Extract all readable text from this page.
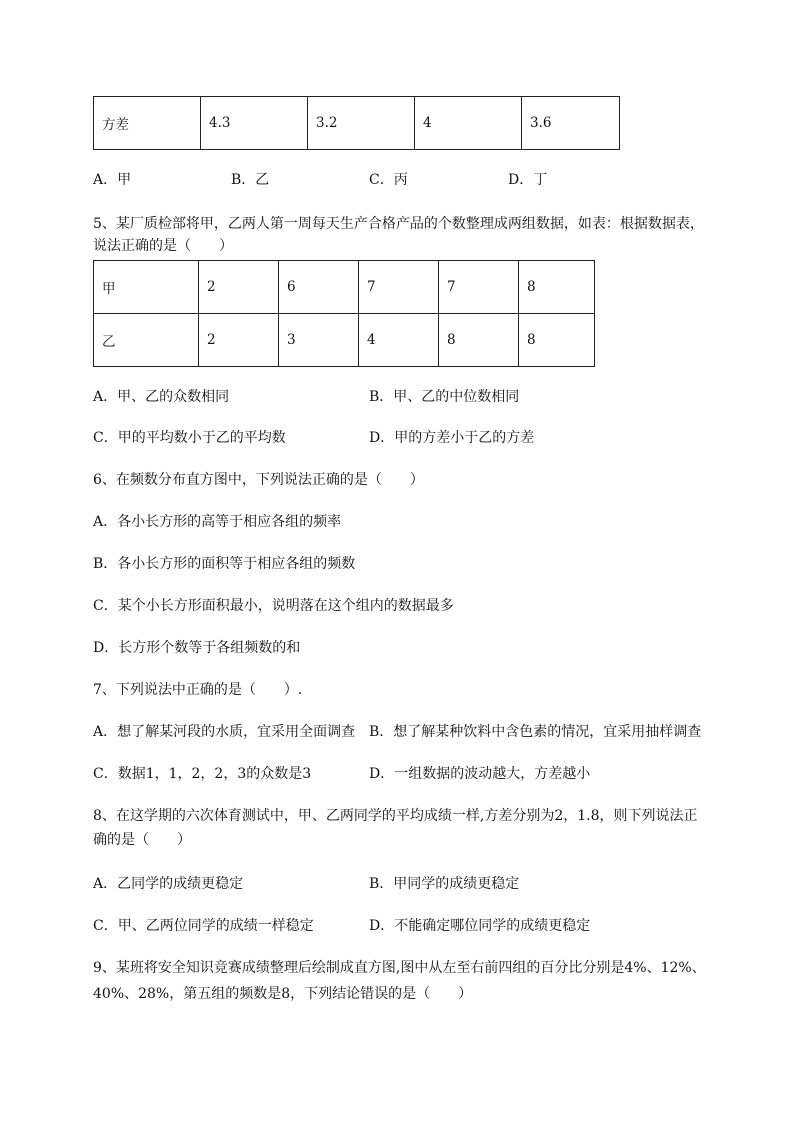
方差	4.3	3.2	4	3.6
A．甲	B．乙	C．丙	D．丁
5、某厂质检部将甲，乙两人第一周每天生产合格产品的个数整理成两组数据，如表：根据数据表，
说法正确的是（　　）
甲	2	6	7	7	8
乙	2	3	4	8	8
A．甲、乙的众数相同	B．甲、乙的中位数相同
C．甲的平均数小于乙的平均数	D．甲的方差小于乙的方差
6、在频数分布直方图中，下列说法正确的是（　　）
A．各小长方形的高等于相应各组的频率
B．各小长方形的面积等于相应各组的频数
C．某个小长方形面积最小，说明落在这个组内的数据最多
D．长方形个数等于各组频数的和
7、下列说法中正确的是（　　）.
A．想了解某河段的水质，宜采用全面调查 B．想了解某种饮料中含色素的情况，宜采用抽样调查
C．数据1，1，2，2，3的众数是3	D．一组数据的波动越大，方差越小
8、在这学期的六次体育测试中，甲、乙两同学的平均成绩一样,方差分别为2，1.8，则下列说法正
确的是（　　）
A．乙同学的成绩更稳定	B．甲同学的成绩更稳定
C．甲、乙两位同学的成绩一样稳定	D．不能确定哪位同学的成绩更稳定
9、某班将安全知识竞赛成绩整理后绘制成直方图,图中从左至右前四组的百分比分别是4%、12%、
40%、28%，第五组的频数是8，下列结论错误的是（　　）
